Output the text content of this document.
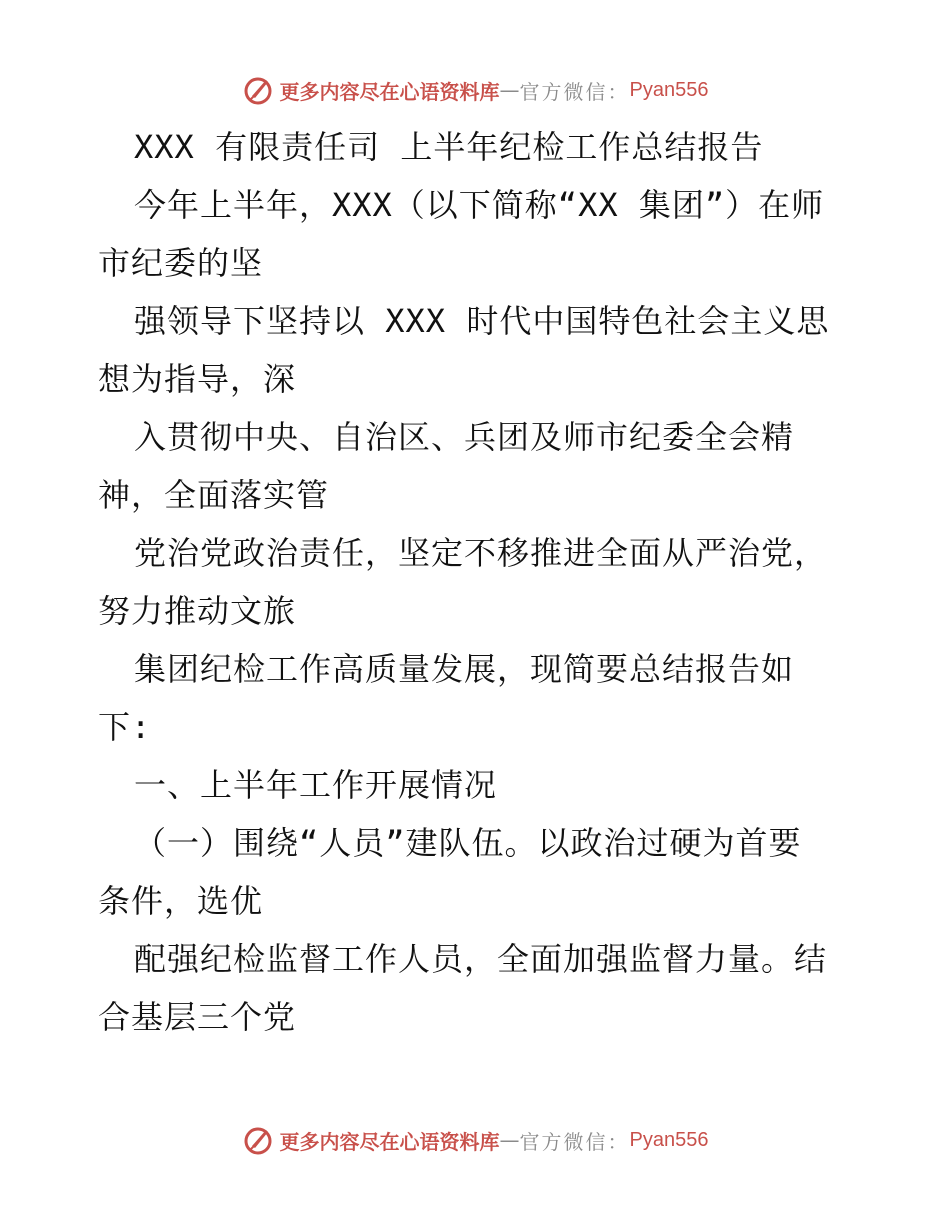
更多内容尽在心语资料库 — 官方微信： Pyan556
XXX 有限责任司 上半年纪检工作总结报告
今年上半年，XXX（以下简称“XX 集团”）在师
市纪委的坚
强领导下坚持以 XXX 时代中国特色社会主义思
想为指导，深
入贯彻中央、自治区、兵团及师市纪委全会精
神，全面落实管
党治党政治责任，坚定不移推进全面从严治党，
努力推动文旅
集团纪检工作高质量发展，现简要总结报告如
下:
一、上半年工作开展情况
（一）围绕“人员”建队伍。以政治过硬为首要
条件，选优
配强纪检监督工作人员，全面加强监督力量。结
合基层三个党
更多内容尽在心语资料库 — 官方微信： Pyan556
